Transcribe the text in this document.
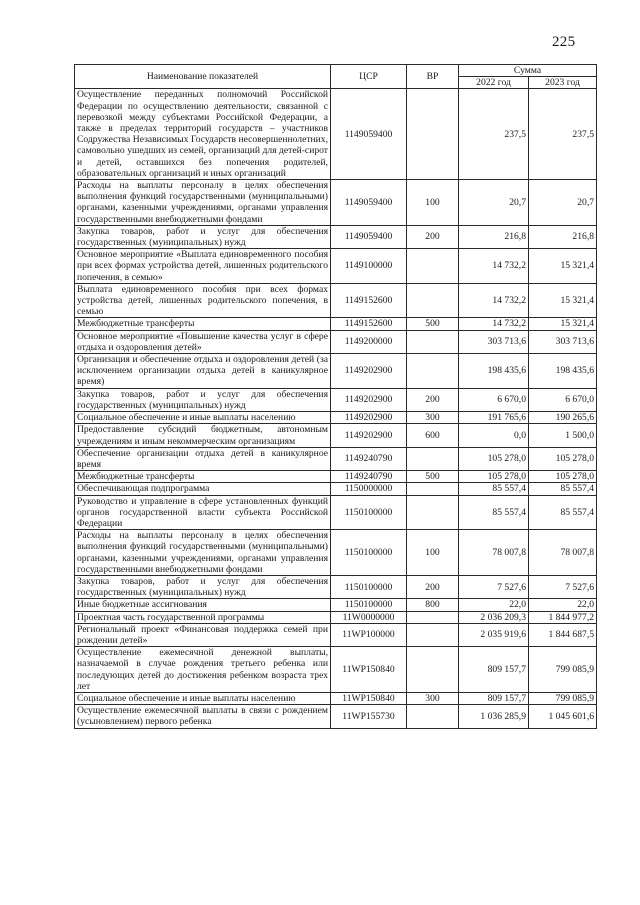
225
Наименование показателей	ЦСР	ВР	Сумма	
			2022 год	2023 год
Осуществление переданных полномочий Российской Федерации по осуществлению деятельности, связанной с перевозкой между субъектами Российской Федерации, а также в пределах территорий государств – участников Содружества Независимых Государств несовершеннолетних, самовольно ушедших из семей, организаций для детей-сирот и детей, оставшихся без попечения родителей, образовательных организаций и иных организаций	1149059400		237,5	237,5
Расходы на выплаты персоналу в целях обеспечения выполнения функций государственными (муниципальными) органами, казенными учреждениями, органами управления государственными внебюджетными фондами	1149059400	100	20,7	20,7
Закупка товаров, работ и услуг для обеспечения государственных (муниципальных) нужд	1149059400	200	216,8	216,8
Основное мероприятие «Выплата единовременного пособия при всех формах устройства детей, лишенных родительского попечения, в семью»	1149100000		14 732,2	15 321,4
Выплата единовременного пособия при всех формах устройства детей, лишенных родительского попечения, в семью	1149152600		14 732,2	15 321,4
Межбюджетные трансферты	1149152600	500	14 732,2	15 321,4
Основное мероприятие «Повышение качества услуг в сфере отдыха и оздоровления детей»	1149200000		303 713,6	303 713,6
Организация и обеспечение отдыха и оздоровления детей (за исключением организации отдыха детей в каникулярное время)	1149202900		198 435,6	198 435,6
Закупка товаров, работ и услуг для обеспечения государственных (муниципальных) нужд	1149202900	200	6 670,0	6 670,0
Социальное обеспечение и иные выплаты населению	1149202900	300	191 765,6	190 265,6
Предоставление субсидий бюджетным, автономным учреждениям и иным некоммерческим организациям	1149202900	600	0,0	1 500,0
Обеспечение организации отдыха детей в каникулярное время	1149240790		105 278,0	105 278,0
Межбюджетные трансферты	1149240790	500	105 278,0	105 278,0
Обеспечивающая подпрограмма	1150000000		85 557,4	85 557,4
Руководство и управление в сфере установленных функций органов государственной власти субъекта Российской Федерации	1150100000		85 557,4	85 557,4
Расходы на выплаты персоналу в целях обеспечения выполнения функций государственными (муниципальными) органами, казенными учреждениями, органами управления государственными внебюджетными фондами	1150100000	100	78 007,8	78 007,8
Закупка товаров, работ и услуг для обеспечения государственных (муниципальных) нужд	1150100000	200	7 527,6	7 527,6
Иные бюджетные ассигнования	1150100000	800	22,0	22,0
Проектная часть государственной программы	11W0000000		2 036 209,3	1 844 977,2
Региональный проект «Финансовая поддержка семей при рождении детей»	11WP100000		2 035 919,6	1 844 687,5
Осуществление ежемесячной денежной выплаты, назначаемой в случае рождения третьего ребенка или последующих детей до достижения ребенком возраста трех лет	11WP150840		809 157,7	799 085,9
Социальное обеспечение и иные выплаты населению	11WP150840	300	809 157,7	799 085,9
Осуществление ежемесячной выплаты в связи с рождением (усыновлением) первого ребенка	11WP155730		1 036 285,9	1 045 601,6
